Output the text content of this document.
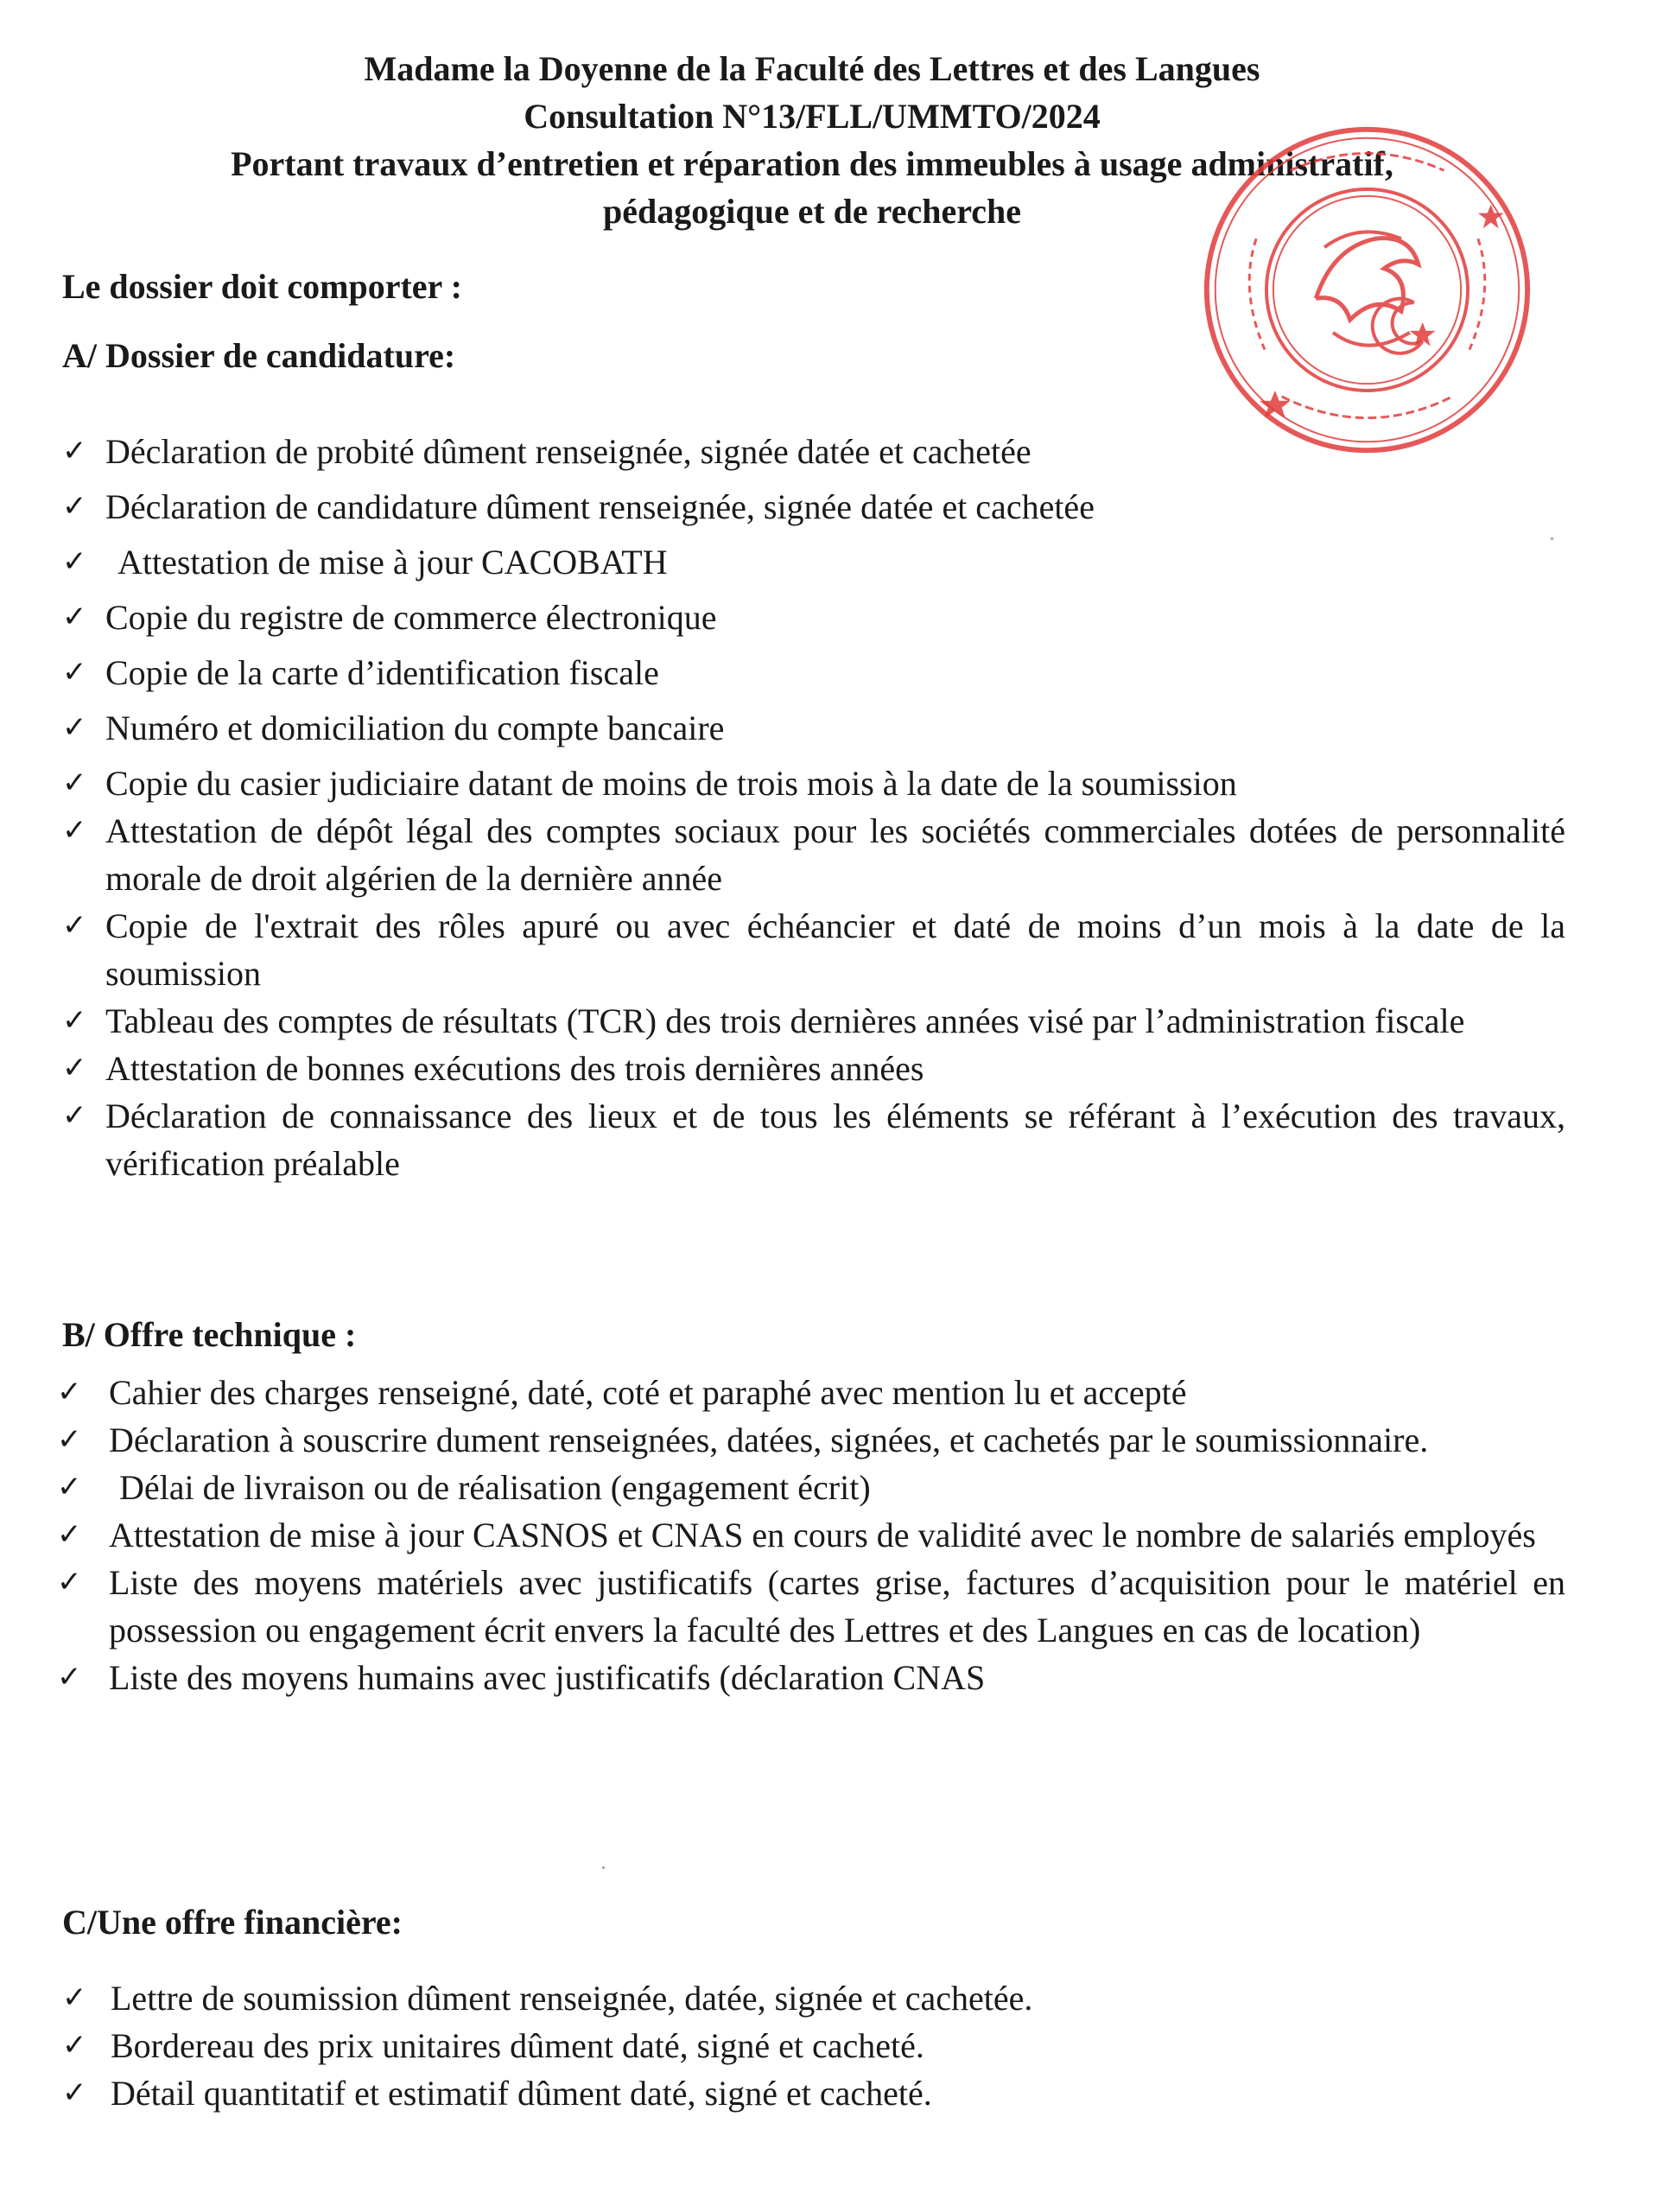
Madame la Doyenne de la Faculté des Lettres et des Langues
Consultation N°13/FLL/UMMTO/2024
Portant travaux d’entretien et réparation des immeubles à usage administratif,
pédagogique et de recherche
Le dossier doit comporter :
A/ Dossier de candidature:
✓ Déclaration de probité dûment renseignée, signée datée et cachetée
✓ Déclaration de candidature dûment renseignée, signée datée et cachetée
✓ Attestation de mise à jour CACOBATH
✓ Copie du registre de commerce électronique
✓ Copie de la carte d’identification fiscale
✓ Numéro et domiciliation du compte bancaire
✓ Copie du casier judiciaire datant de moins de trois mois à la date de la soumission
✓ Attestation de dépôt légal des comptes sociaux pour les sociétés commerciales dotées de personnalité morale de droit algérien de la dernière année
✓ Copie de l'extrait des rôles apuré ou avec échéancier et daté de moins d’un mois à la date de la soumission
✓ Tableau des comptes de résultats (TCR) des trois dernières années visé par l’administration fiscale
✓ Attestation de bonnes exécutions des trois dernières années
✓ Déclaration de connaissance des lieux et de tous les éléments se référant à l’exécution des travaux, vérification préalable
B/ Offre technique :
✓ Cahier des charges renseigné, daté, coté et paraphé avec mention lu et accepté
✓ Déclaration à souscrire dument renseignées, datées, signées, et cachetés par le soumissionnaire.
✓ Délai de livraison ou de réalisation (engagement écrit)
✓ Attestation de mise à jour CASNOS et CNAS en cours de validité avec le nombre de salariés employés
✓ Liste des moyens matériels avec justificatifs (cartes grise, factures d’acquisition pour le matériel en possession ou engagement écrit envers la faculté des Lettres et des Langues en cas de location)
✓ Liste des moyens humains avec justificatifs (déclaration CNAS
C/Une offre financière:
✓ Lettre de soumission dûment renseignée, datée, signée et cachetée.
✓ Bordereau des prix unitaires dûment daté, signé et cacheté.
✓ Détail quantitatif et estimatif dûment daté, signé et cacheté.
